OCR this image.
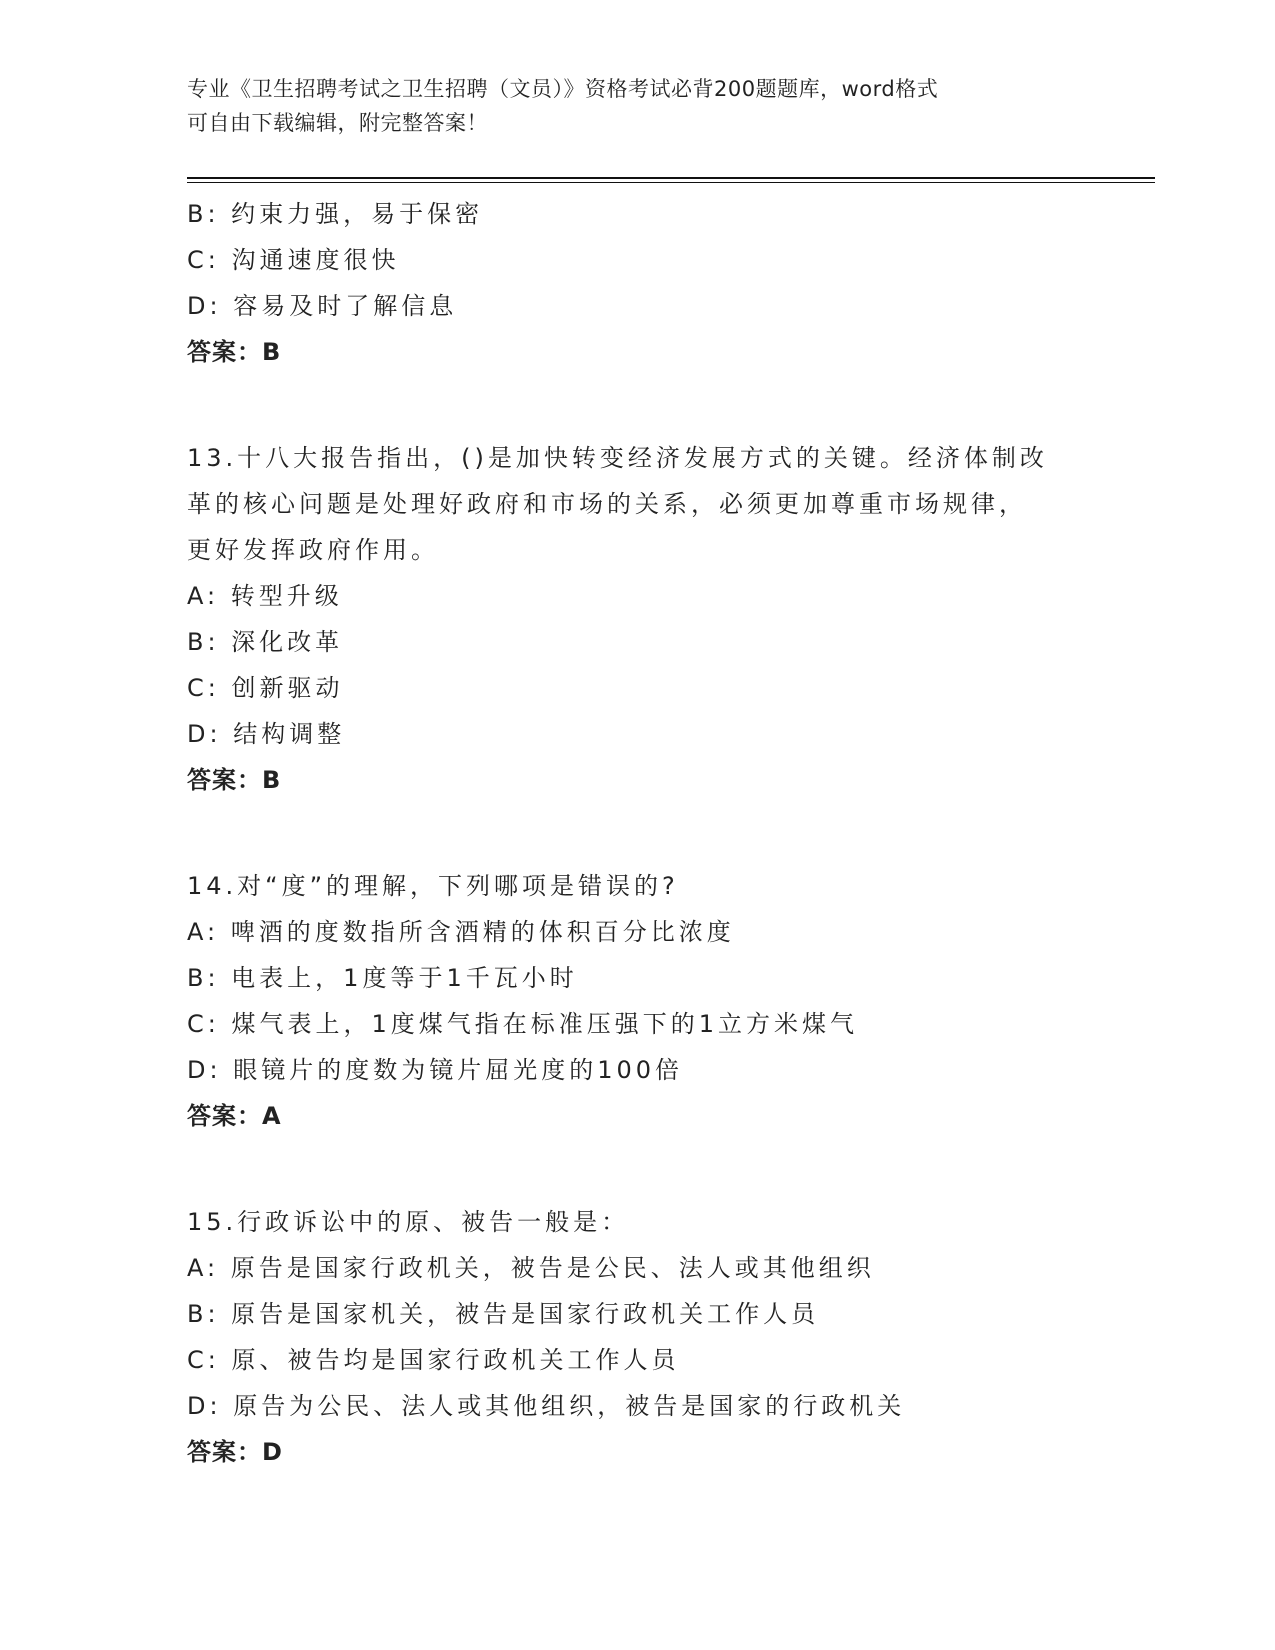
专业《卫生招聘考试之卫生招聘（文员）》资格考试必背200题题库，word格式
可自由下载编辑，附完整答案！
B: 约束力强，易于保密
C: 沟通速度很快
D: 容易及时了解信息
答案：B
13.十八大报告指出，()是加快转变经济发展方式的关键。经济体制改
革的核心问题是处理好政府和市场的关系，必须更加尊重市场规律，
更好发挥政府作用。
A: 转型升级
B: 深化改革
C: 创新驱动
D: 结构调整
答案：B
14.对“度”的理解，下列哪项是错误的?
A: 啤酒的度数指所含酒精的体积百分比浓度
B: 电表上，1度等于1千瓦小时
C: 煤气表上，1度煤气指在标准压强下的1立方米煤气
D: 眼镜片的度数为镜片屈光度的100倍
答案：A
15.行政诉讼中的原、被告一般是：
A: 原告是国家行政机关，被告是公民、法人或其他组织
B: 原告是国家机关，被告是国家行政机关工作人员
C: 原、被告均是国家行政机关工作人员
D: 原告为公民、法人或其他组织，被告是国家的行政机关
答案：D
